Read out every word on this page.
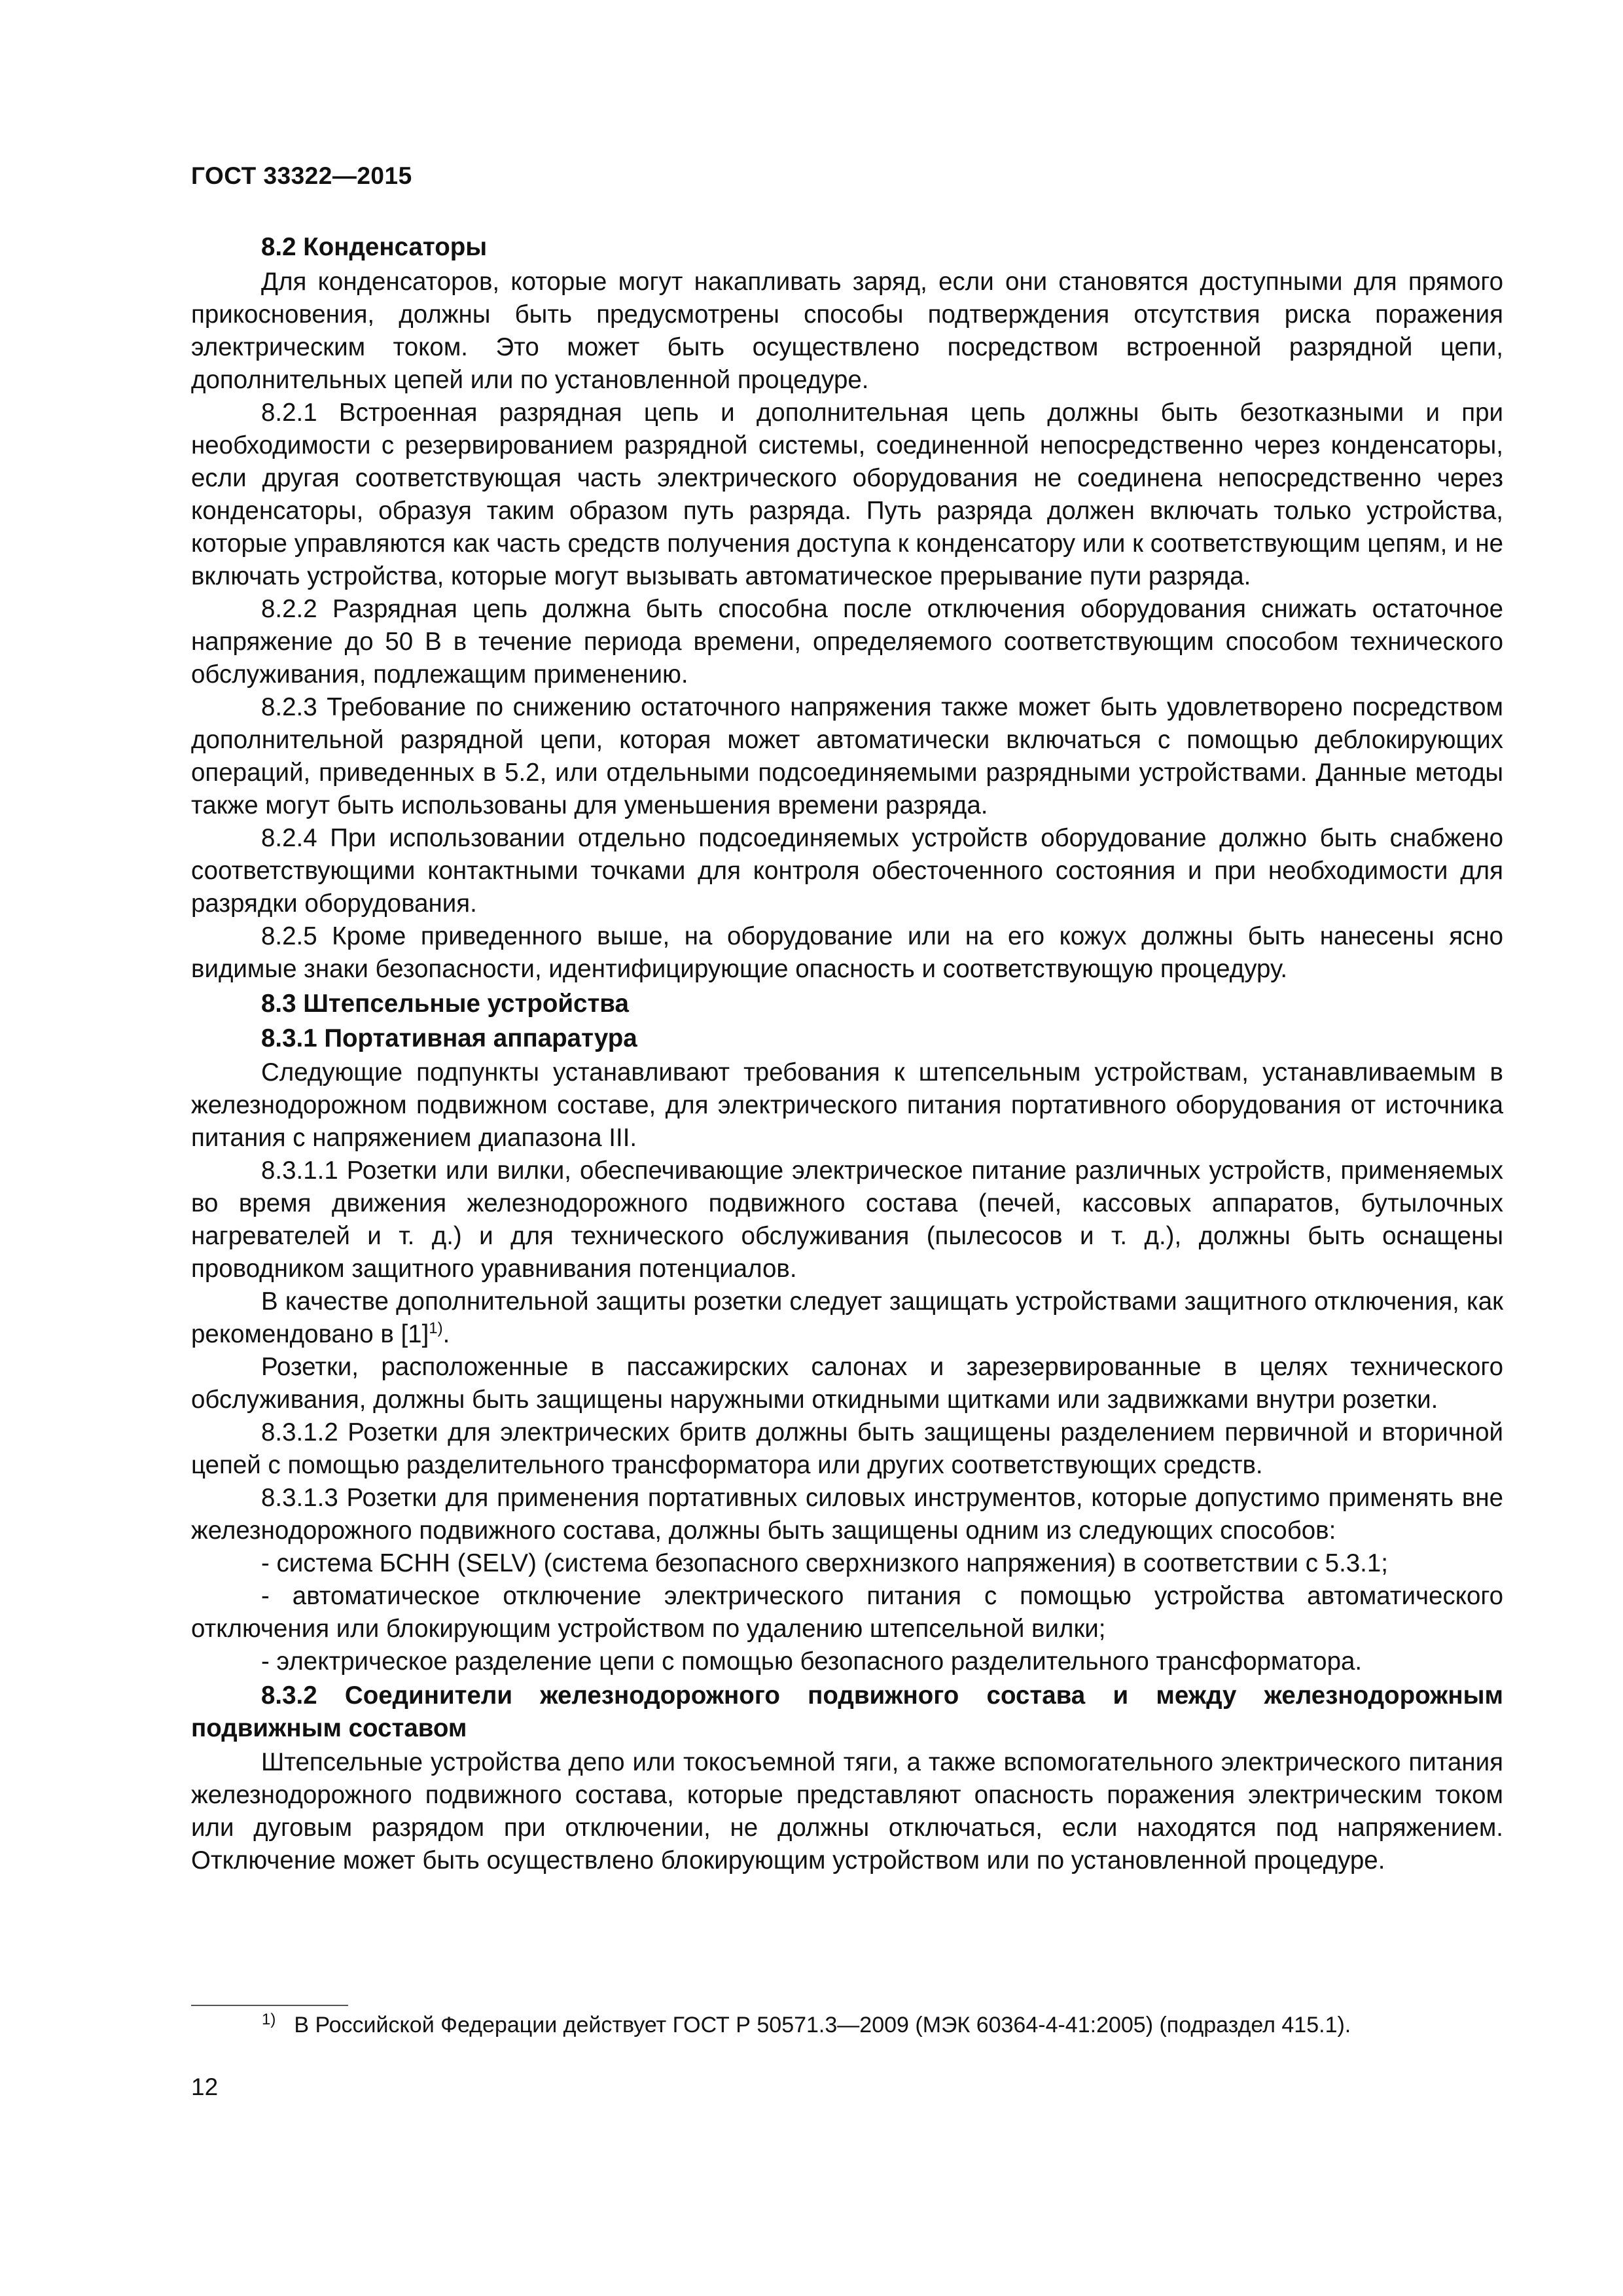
ГОСТ 33322—2015
8.2 Конденсаторы

Для конденсаторов, которые могут накапливать заряд, если они становятся доступными для прямого прикосновения, должны быть предусмотрены способы подтверждения отсутствия риска поражения электрическим током. Это может быть осуществлено посредством встроенной разрядной цепи, дополнительных цепей или по установленной процедуре.

8.2.1 Встроенная разрядная цепь и дополнительная цепь должны быть безотказными и при необходимости с резервированием разрядной системы, соединенной непосредственно через конденсаторы, если другая соответствующая часть электрического оборудования не соединена непосредственно через конденсаторы, образуя таким образом путь разряда. Путь разряда должен включать только устройства, которые управляются как часть средств получения доступа к конденсатору или к соответствующим цепям, и не включать устройства, которые могут вызывать автоматическое прерывание пути разряда.

8.2.2 Разрядная цепь должна быть способна после отключения оборудования снижать остаточное напряжение до 50 В в течение периода времени, определяемого соответствующим способом технического обслуживания, подлежащим применению.

8.2.3 Требование по снижению остаточного напряжения также может быть удовлетворено посредством дополнительной разрядной цепи, которая может автоматически включаться с помощью деблокирующих операций, приведенных в 5.2, или отдельными подсоединяемыми разрядными устройствами. Данные методы также могут быть использованы для уменьшения времени разряда.

8.2.4 При использовании отдельно подсоединяемых устройств оборудование должно быть снабжено соответствующими контактными точками для контроля обесточенного состояния и при необходимости для разрядки оборудования.

8.2.5 Кроме приведенного выше, на оборудование или на его кожух должны быть нанесены ясно видимые знаки безопасности, идентифицирующие опасность и соответствующую процедуру.

8.3 Штепсельные устройства
8.3.1 Портативная аппаратура

Следующие подпункты устанавливают требования к штепсельным устройствам, устанавливаемым в железнодорожном подвижном составе, для электрического питания портативного оборудования от источника питания с напряжением диапазона III.

8.3.1.1 Розетки или вилки, обеспечивающие электрическое питание различных устройств, применяемых во время движения железнодорожного подвижного состава (печей, кассовых аппаратов, бутылочных нагревателей и т. д.) и для технического обслуживания (пылесосов и т. д.), должны быть оснащены проводником защитного уравнивания потенциалов.

В качестве дополнительной защиты розетки следует защищать устройствами защитного отключения, как рекомендовано в $[1]^{1)}$.

Розетки, расположенные в пассажирских салонах и зарезервированные в целях технического обслуживания, должны быть защищены наружными откидными щитками или задвижками внутри розетки.

8.3.1.2 Розетки для электрических бритв должны быть защищены разделением первичной и вторичной цепей с помощью разделительного трансформатора или других соответствующих средств.

8.3.1.3 Розетки для применения портативных силовых инструментов, которые допустимо применять вне железнодорожного подвижного состава, должны быть защищены одним из следующих способов:

- система БСНН (SELV) (система безопасного сверхнизкого напряжения) в соответствии с 5.3.1;

- автоматическое отключение электрического питания с помощью устройства автоматического отключения или блокирующим устройством по удалению штепсельной вилки;

- электрическое разделение цепи с помощью безопасного разделительного трансформатора.

8.3.2 Соединители железнодорожного подвижного состава и между железнодорожным подвижным составом

Штепсельные устройства депо или токосъемной тяги, а также вспомогательного электрического питания железнодорожного подвижного состава, которые представляют опасность поражения электрическим током или дуговым разрядом при отключении, не должны отключаться, если находятся под напряжением. Отключение может быть осуществлено блокирующим устройством или по установленной процедуре.

$^{1)}$ В Российской Федерации действует ГОСТ Р 50571.3—2009 (МЭК 60364-4-41:2005) (подраздел 415.1).
12
